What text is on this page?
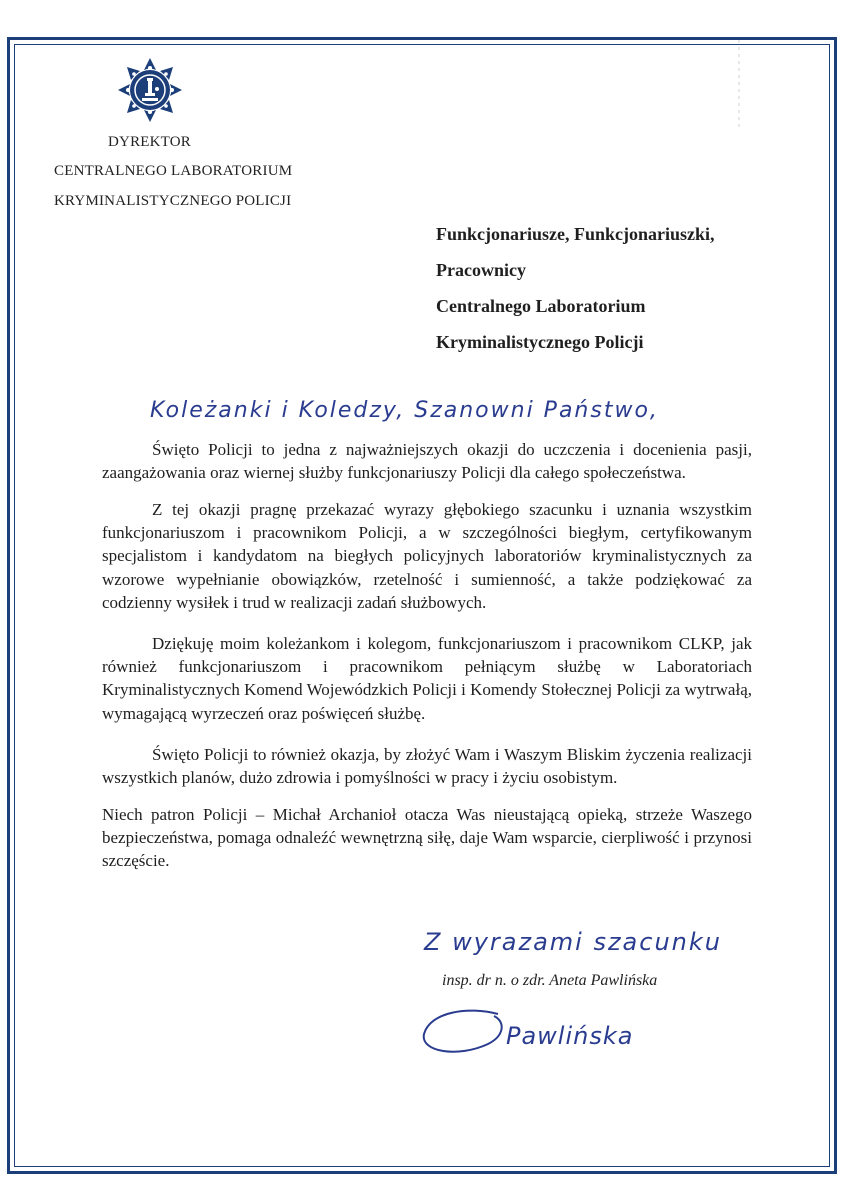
DYREKTOR
CENTRALNEGO LABORATORIUM
KRYMINALISTYCZNEGO POLICJI
Funkcjonariusze, Funkcjonariuszki,
Pracownicy
Centralnego Laboratorium
Kryminalistycznego Policji
Koleżanki i Koledzy, Szanowni Państwo,
Święto Policji to jedna z najważniejszych okazji do uczczenia i docenienia pasji, zaangażowania oraz wiernej służby funkcjonariuszy Policji dla całego społeczeństwa.
Z tej okazji pragnę przekazać wyrazy głębokiego szacunku i uznania wszystkim funkcjonariuszom i pracownikom Policji, a w szczególności biegłym, certyfikowanym specjalistom i kandydatom na biegłych policyjnych laboratoriów kryminalistycznych za wzorowe wypełnianie obowiązków, rzetelność i sumienność, a także podziękować za codzienny wysiłek i trud w realizacji zadań służbowych.
Dziękuję moim koleżankom i kolegom, funkcjonariuszom i pracownikom CLKP, jak również funkcjonariuszom i pracownikom pełniącym służbę w Laboratoriach Kryminalistycznych Komend Wojewódzkich Policji i Komendy Stołecznej Policji za wytrwałą, wymagającą wyrzeczeń oraz poświęceń służbę.
Święto Policji to również okazja, by złożyć Wam i Waszym Bliskim życzenia realizacji wszystkich planów, dużo zdrowia i pomyślności w pracy i życiu osobistym.
Niech patron Policji – Michał Archanioł otacza Was nieustającą opieką, strzeże Waszego bezpieczeństwa, pomaga odnaleźć wewnętrzną siłę, daje Wam wsparcie, cierpliwość i przynosi szczęście.
Z wyrazami szacunku
insp. dr n. o zdr. Aneta Pawlińska
Pawlińska
